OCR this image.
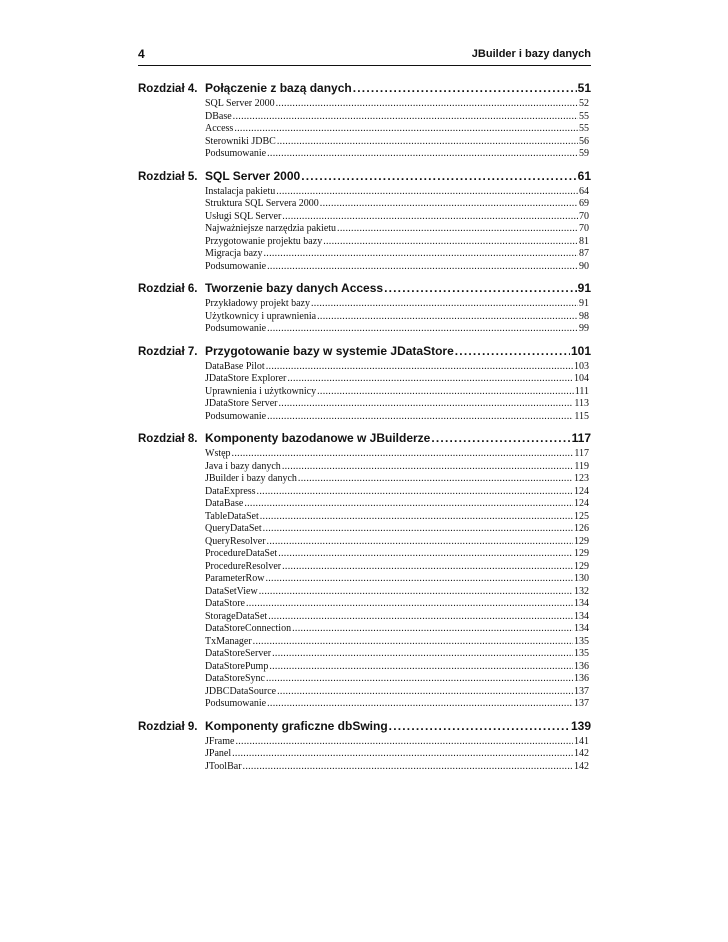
4	JBuilder i bazy danych
Rozdział 4. Połączenie z bazą danych .....	51
SQL Server 2000 .....	52
DBase .....	55
Access .....	55
Sterowniki JDBC .....	56
Podsumowanie .....	59
Rozdział 5. SQL Server 2000 .....	61
Instalacja pakietu .....	64
Struktura SQL Servera 2000 .....	69
Usługi SQL Server .....	70
Najważniejsze narzędzia pakietu .....	70
Przygotowanie projektu bazy .....	81
Migracja bazy .....	87
Podsumowanie .....	90
Rozdział 6. Tworzenie bazy danych Access .....	91
Przykładowy projekt bazy .....	91
Użytkownicy i uprawnienia .....	98
Podsumowanie .....	99
Rozdział 7. Przygotowanie bazy w systemie JDataStore .....	101
DataBase Pilot .....	103
JDataStore Explorer .....	104
Uprawnienia i użytkownicy .....	111
JDataStore Server .....	113
Podsumowanie .....	115
Rozdział 8. Komponenty bazodanowe w JBuilderze .....	117
Wstęp .....	117
Java i bazy danych .....	119
JBuilder i bazy danych .....	123
DataExpress .....	124
DataBase .....	124
TableDataSet .....	125
QueryDataSet .....	126
QueryResolver .....	129
ProcedureDataSet .....	129
ProcedureResolver .....	129
ParameterRow .....	130
DataSetView .....	132
DataStore .....	134
StorageDataSet .....	134
DataStoreConnection .....	134
TxManager .....	135
DataStoreServer .....	135
DataStorePump .....	136
DataStoreSync .....	136
JDBCDataSource .....	137
Podsumowanie .....	137
Rozdział 9. Komponenty graficzne dbSwing .....	139
JFrame .....	141
JPanel .....	142
JToolBar .....	142
